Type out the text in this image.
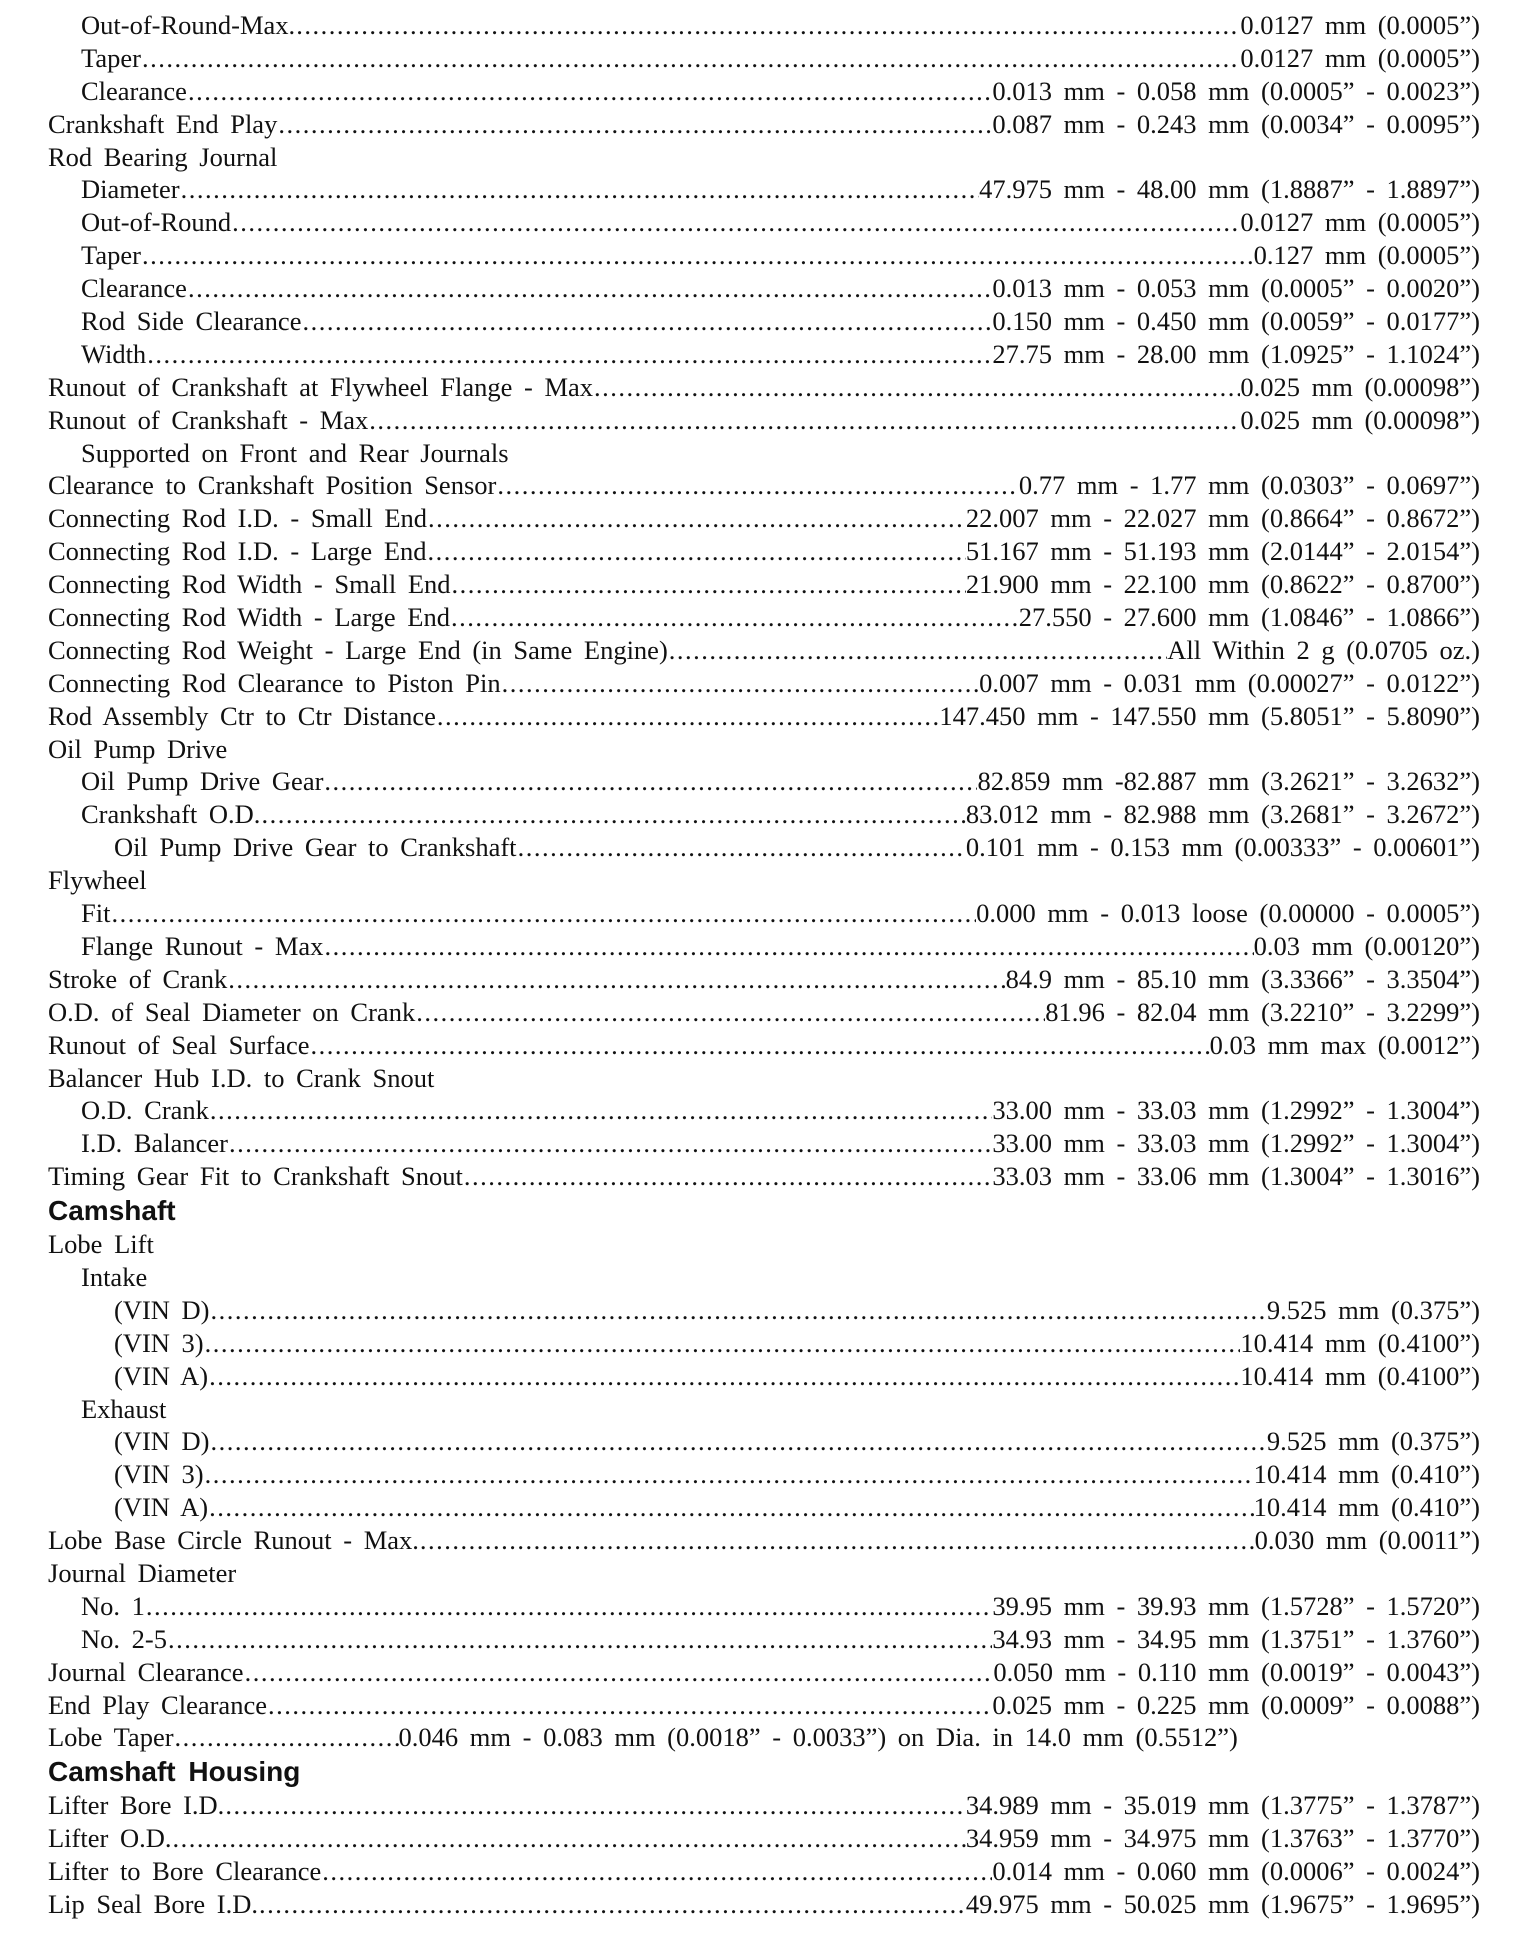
Out-of-Round-Max. .....	0.0127 mm (0.0005”)
Taper .....	0.0127 mm (0.0005”)
Clearance .....	0.013 mm - 0.058 mm (0.0005” - 0.0023”)
Crankshaft End Play .....	0.087 mm - 0.243 mm (0.0034” - 0.0095”)
Rod Bearing Journal
Diameter .....	47.975 mm - 48.00 mm (1.8887” - 1.8897”)
Out-of-Round .....	0.0127 mm (0.0005”)
Taper .....	0.127 mm (0.0005”)
Clearance .....	0.013 mm - 0.053 mm (0.0005” - 0.0020”)
Rod Side Clearance .....	0.150 mm - 0.450 mm (0.0059” - 0.0177”)
Width .....	27.75 mm - 28.00 mm (1.0925” - 1.1024”)
Runout of Crankshaft at Flywheel Flange - Max .....	0.025 mm (0.00098”)
Runout of Crankshaft - Max .....	0.025 mm (0.00098”)
Supported on Front and Rear Journals
Clearance to Crankshaft Position Sensor .....	0.77 mm - 1.77 mm (0.0303” - 0.0697”)
Connecting Rod I.D. - Small End .....	22.007 mm - 22.027 mm (0.8664” - 0.8672”)
Connecting Rod I.D. - Large End .....	51.167 mm - 51.193 mm (2.0144” - 2.0154”)
Connecting Rod Width - Small End .....	21.900 mm - 22.100 mm (0.8622” - 0.8700”)
Connecting Rod Width - Large End .....	27.550 - 27.600 mm (1.0846” - 1.0866”)
Connecting Rod Weight - Large End (in Same Engine) .....	All Within 2 g (0.0705 oz.)
Connecting Rod Clearance to Piston Pin .....	0.007 mm - 0.031 mm (0.00027” - 0.0122”)
Rod Assembly Ctr to Ctr Distance .....	147.450 mm - 147.550 mm (5.8051” - 5.8090”)
Oil Pump Drive
Oil Pump Drive Gear .....	82.859 mm -82.887 mm (3.2621” - 3.2632”)
Crankshaft O.D. .....	83.012 mm - 82.988 mm (3.2681” - 3.2672”)
Oil Pump Drive Gear to Crankshaft .....	0.101 mm - 0.153 mm (0.00333” - 0.00601”)
Flywheel
Fit .....	0.000 mm - 0.013 loose (0.00000 - 0.0005”)
Flange Runout - Max .....	0.03 mm (0.00120”)
Stroke of Crank .....	84.9 mm - 85.10 mm (3.3366” - 3.3504”)
O.D. of Seal Diameter on Crank .....	81.96 - 82.04 mm (3.2210” - 3.2299”)
Runout of Seal Surface .....	0.03 mm max (0.0012”)
Balancer Hub I.D. to Crank Snout
O.D. Crank .....	33.00 mm - 33.03 mm (1.2992” - 1.3004”)
I.D. Balancer .....	33.00 mm - 33.03 mm (1.2992” - 1.3004”)
Timing Gear Fit to Crankshaft Snout .....	33.03 mm - 33.06 mm (1.3004” - 1.3016”)
Camshaft
Lobe Lift
Intake
(VIN D) .....	9.525 mm (0.375”)
(VIN 3) .....	10.414 mm (0.4100”)
(VIN A) .....	10.414 mm (0.4100”)
Exhaust
(VIN D) .....	9.525 mm (0.375”)
(VIN 3) .....	10.414 mm (0.410”)
(VIN A) .....	10.414 mm (0.410”)
Lobe Base Circle Runout - Max. .....	0.030 mm (0.0011”)
Journal Diameter
No. 1 .....	39.95 mm - 39.93 mm (1.5728” - 1.5720”)
No. 2-5 .....	34.93 mm - 34.95 mm (1.3751” - 1.3760”)
Journal Clearance .....	0.050 mm - 0.110 mm (0.0019” - 0.0043”)
End Play Clearance .....	0.025 mm - 0.225 mm (0.0009” - 0.0088”)
Lobe Taper .....	0.046 mm - 0.083 mm (0.0018” - 0.0033”) on Dia. in 14.0 mm (0.5512”)
Camshaft Housing
Lifter Bore I.D. .....	34.989 mm - 35.019 mm (1.3775” - 1.3787”)
Lifter O.D. .....	34.959 mm - 34.975 mm (1.3763” - 1.3770”)
Lifter to Bore Clearance .....	0.014 mm - 0.060 mm (0.0006” - 0.0024”)
Lip Seal Bore I.D. .....	49.975 mm - 50.025 mm (1.9675” - 1.9695”)
